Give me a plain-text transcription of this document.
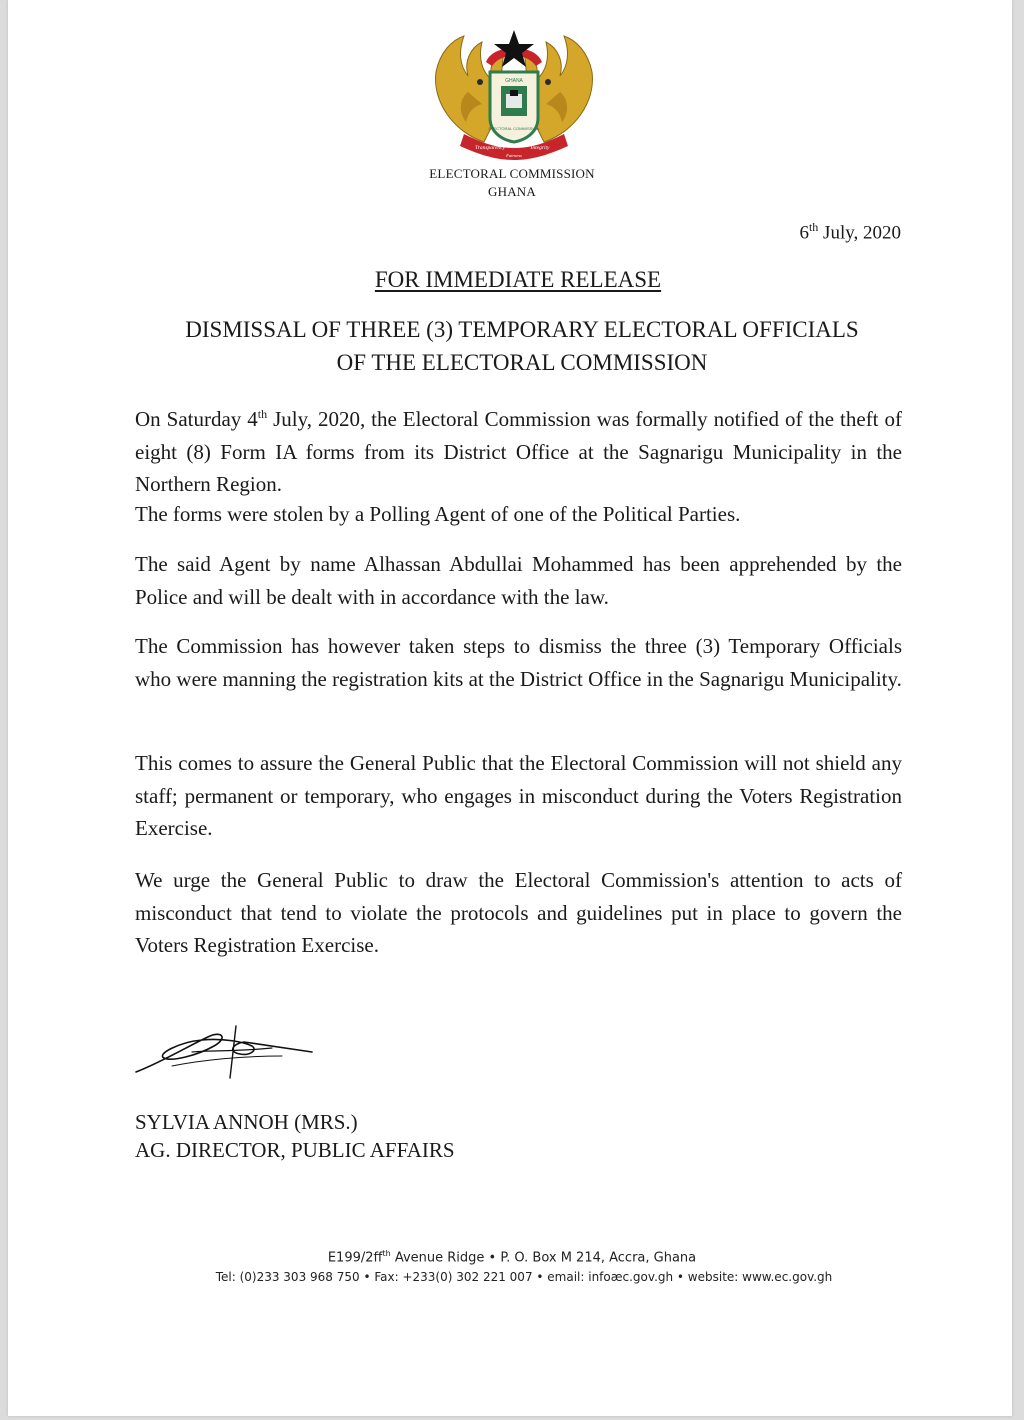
GHANA
ELECTORAL COMMISSION
Transparency	Integrity
Fairness
ELECTORAL COMMISSION
GHANA
6th July, 2020
FOR IMMEDIATE RELEASE
DISMISSAL OF THREE (3) TEMPORARY ELECTORAL OFFICIALS
OF THE ELECTORAL COMMISSION
On Saturday 4th July, 2020, the Electoral Commission was formally notified of the theft of eight (8) Form IA forms from its District Office at the Sagnarigu Municipality in the Northern Region.
The forms were stolen by a Polling Agent of one of the Political Parties.
The said Agent by name Alhassan Abdullai Mohammed has been apprehended by the Police and will be dealt with in accordance with the law.
The Commission has however taken steps to dismiss the three (3) Temporary Officials who were manning the registration kits at the District Office in the Sagnarigu Municipality.
This comes to assure the General Public that the Electoral Commission will not shield any staff; permanent or temporary, who engages in misconduct during the Voters Registration Exercise.
We urge the General Public to draw the Electoral Commission's attention to acts of misconduct that tend to violate the protocols and guidelines put in place to govern the Voters Registration Exercise.
SYLVIA ANNOH (MRS.)
AG. DIRECTOR, PUBLIC AFFAIRS
$E199/2ff^{th}$ Avenue Ridge • P. O. Box M 214, Accra, Ghana
Tel: (0)233 303 968 750 • Fax: +233(0) 302 221 007 • email: infoæc.gov.gh • website: www.ec.gov.gh
